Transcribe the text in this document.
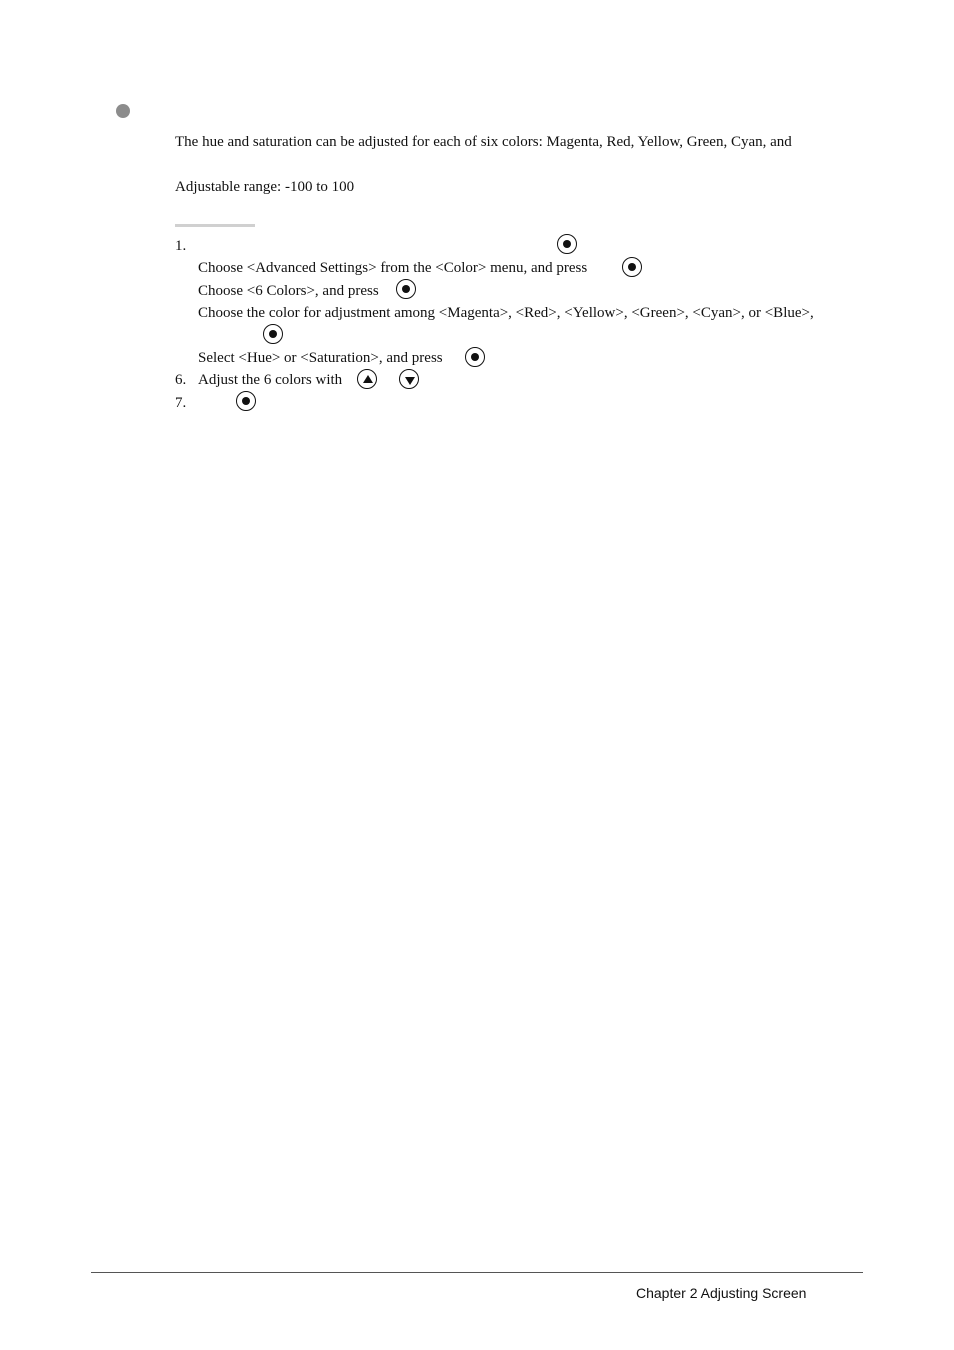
The hue and saturation can be adjusted for each of six colors: Magenta, Red, Yellow, Green, Cyan, and
Adjustable range: -100 to 100
1.
Choose <Advanced Settings> from the <Color> menu, and press
Choose <6 Colors>, and press
Choose the color for adjustment among <Magenta>, <Red>, <Yellow>, <Green>, <Cyan>, or <Blue>,
Select <Hue> or <Saturation>, and press
6. Adjust the 6 colors with
7.
Chapter 2 Adjusting Screen
